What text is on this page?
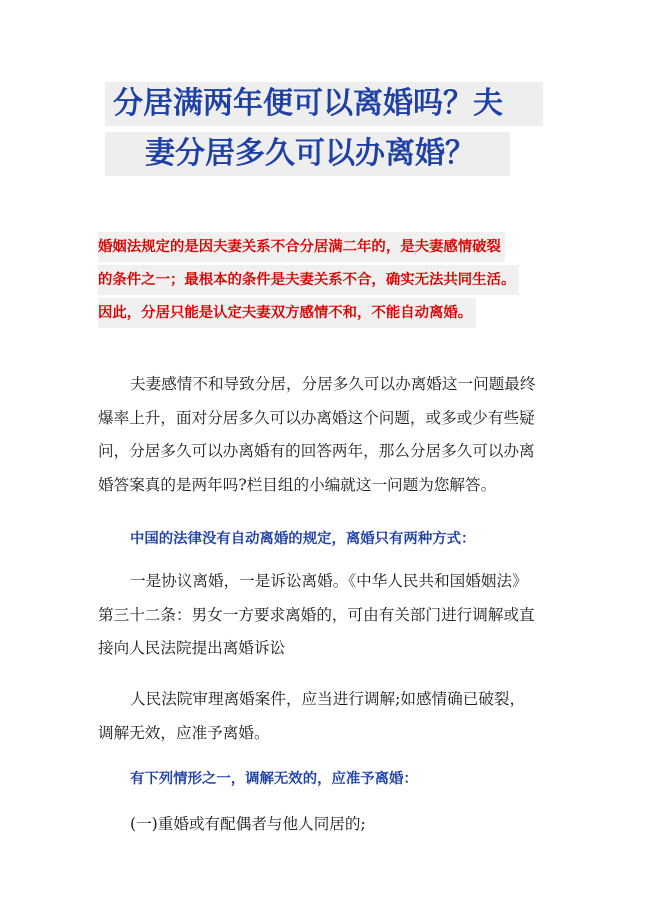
分居满两年便可以离婚吗？夫
妻分居多久可以办离婚？
婚姻法规定的是因夫妻关系不合分居满二年的，是夫妻感情破裂
的条件之一；最根本的条件是夫妻关系不合，确实无法共同生活。
因此，分居只能是认定夫妻双方感情不和，不能自动离婚。
夫妻感情不和导致分居，分居多久可以办离婚这一问题最终
爆率上升，面对分居多久可以办离婚这个问题，或多或少有些疑
问，分居多久可以办离婚有的回答两年，那么分居多久可以办离
婚答案真的是两年吗?栏目组的小编就这一问题为您解答。
中国的法律没有自动离婚的规定，离婚只有两种方式：
一是协议离婚，一是诉讼离婚。《中华人民共和国婚姻法》
第三十二条：男女一方要求离婚的，可由有关部门进行调解或直
接向人民法院提出离婚诉讼
人民法院审理离婚案件，应当进行调解;如感情确已破裂，
调解无效，应准予离婚。
有下列情形之一，调解无效的，应准予离婚：
(一)重婚或有配偶者与他人同居的;
